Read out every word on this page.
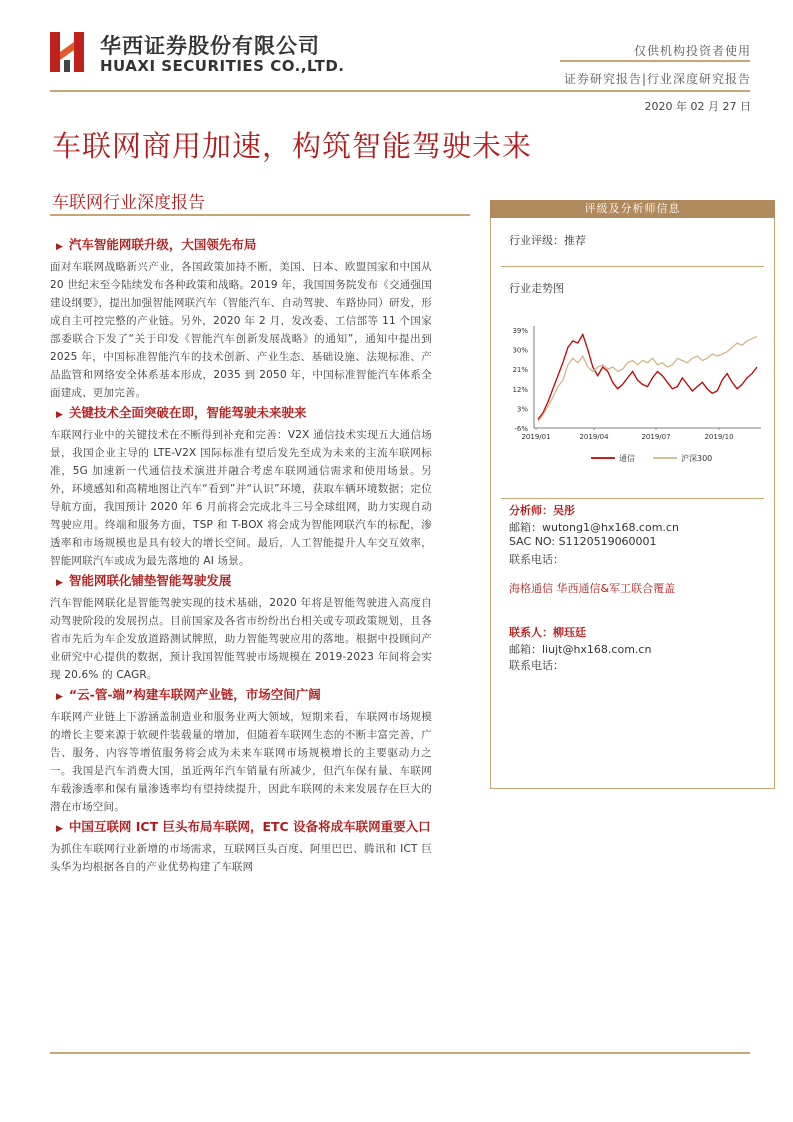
华西证券股份有限公司
HUAXI SECURITIES CO.,LTD.
仅供机构投资者使用
证券研究报告|行业深度研究报告
2020 年 02 月 27 日
车联网商用加速，构筑智能驾驶未来
车联网行业深度报告
▶ 汽车智能网联升级，大国领先布局

面对车联网战略新兴产业，各国政策加持不断，美国、日本、欧盟国家和中国从 20 世纪末至今陆续发布各种政策和战略。2019 年，我国国务院发布《交通强国建设纲要》，提出加强智能网联汽车（智能汽车、自动驾驶、车路协同）研发，形成自主可控完整的产业链。另外，2020 年 2 月，发改委、工信部等 11 个国家部委联合下发了“关于印发《智能汽车创新发展战略》的通知”，通知中提出到 2025 年，中国标准智能汽车的技术创新、产业生态、基础设施、法规标准、产品监管和网络安全体系基本形成，2035 到 2050 年，中国标准智能汽车体系全面建成、更加完善。

▶ 关键技术全面突破在即，智能驾驶未来驶来

车联网行业中的关键技术在不断得到补充和完善：V2X 通信技术实现五大通信场景，我国企业主导的 LTE-V2X 国际标准有望后发先至成为未来的主流车联网标准，5G 加速新一代通信技术演进并融合考虑车联网通信需求和使用场景。另外，环境感知和高精地图让汽车“看到”并“认识”环境，获取车辆环境数据；定位导航方面，我国预计 2020 年 6 月前将会完成北斗三号全球组网，助力实现自动驾驶应用。终端和服务方面，TSP 和 T-BOX 将会成为智能网联汽车的标配，渗透率和市场规模也是具有较大的增长空间。最后，人工智能提升人车交互效率，智能网联汽车或成为最先落地的 AI 场景。

▶ 智能网联化铺垫智能驾驶发展

汽车智能网联化是智能驾驶实现的技术基础，2020 年将是智能驾驶进入高度自动驾驶阶段的发展拐点。目前国家及各省市纷纷出台相关或专项政策规划，且各省市先后为车企发放道路测试牌照，助力智能驾驶应用的落地。根据中投顾问产业研究中心提供的数据，预计我国智能驾驶市场规模在 2019-2023 年间将会实现 20.6% 的 CAGR。

▶ “云-管-端”构建车联网产业链，市场空间广阔

车联网产业链上下游涵盖制造业和服务业两大领域，短期来看，车联网市场规模的增长主要来源于软硬件装载量的增加，但随着车联网生态的不断丰富完善，广告、服务、内容等增值服务将会成为未来车联网市场规模增长的主要驱动力之一。我国是汽车消费大国，虽近两年汽车销量有所减少，但汽车保有量、车联网车载渗透率和保有量渗透率均有望持续提升，因此车联网的未来发展存在巨大的潜在市场空间。

▶ 中国互联网 ICT 巨头布局车联网，ETC 设备将成车联网重要入口

为抓住车联网行业新增的市场需求，互联网巨头百度、阿里巴巴、腾讯和 ICT 巨头华为均根据各自的产业优势构建了车联网

评级及分析师信息
行业评级：推荐
行业走势图
39%
30%
21%
12%
3%
-6%
2019/01	2019/04	2019/07	2019/10
通信	沪深300
分析师：吴彤
邮箱：wutong1@hx168.com.cn
SAC NO: S1120519060001
联系电话：
海格通信 华西通信&军工联合覆盖
联系人：柳珏廷
邮箱：liujt@hx168.com.cn
联系电话：
